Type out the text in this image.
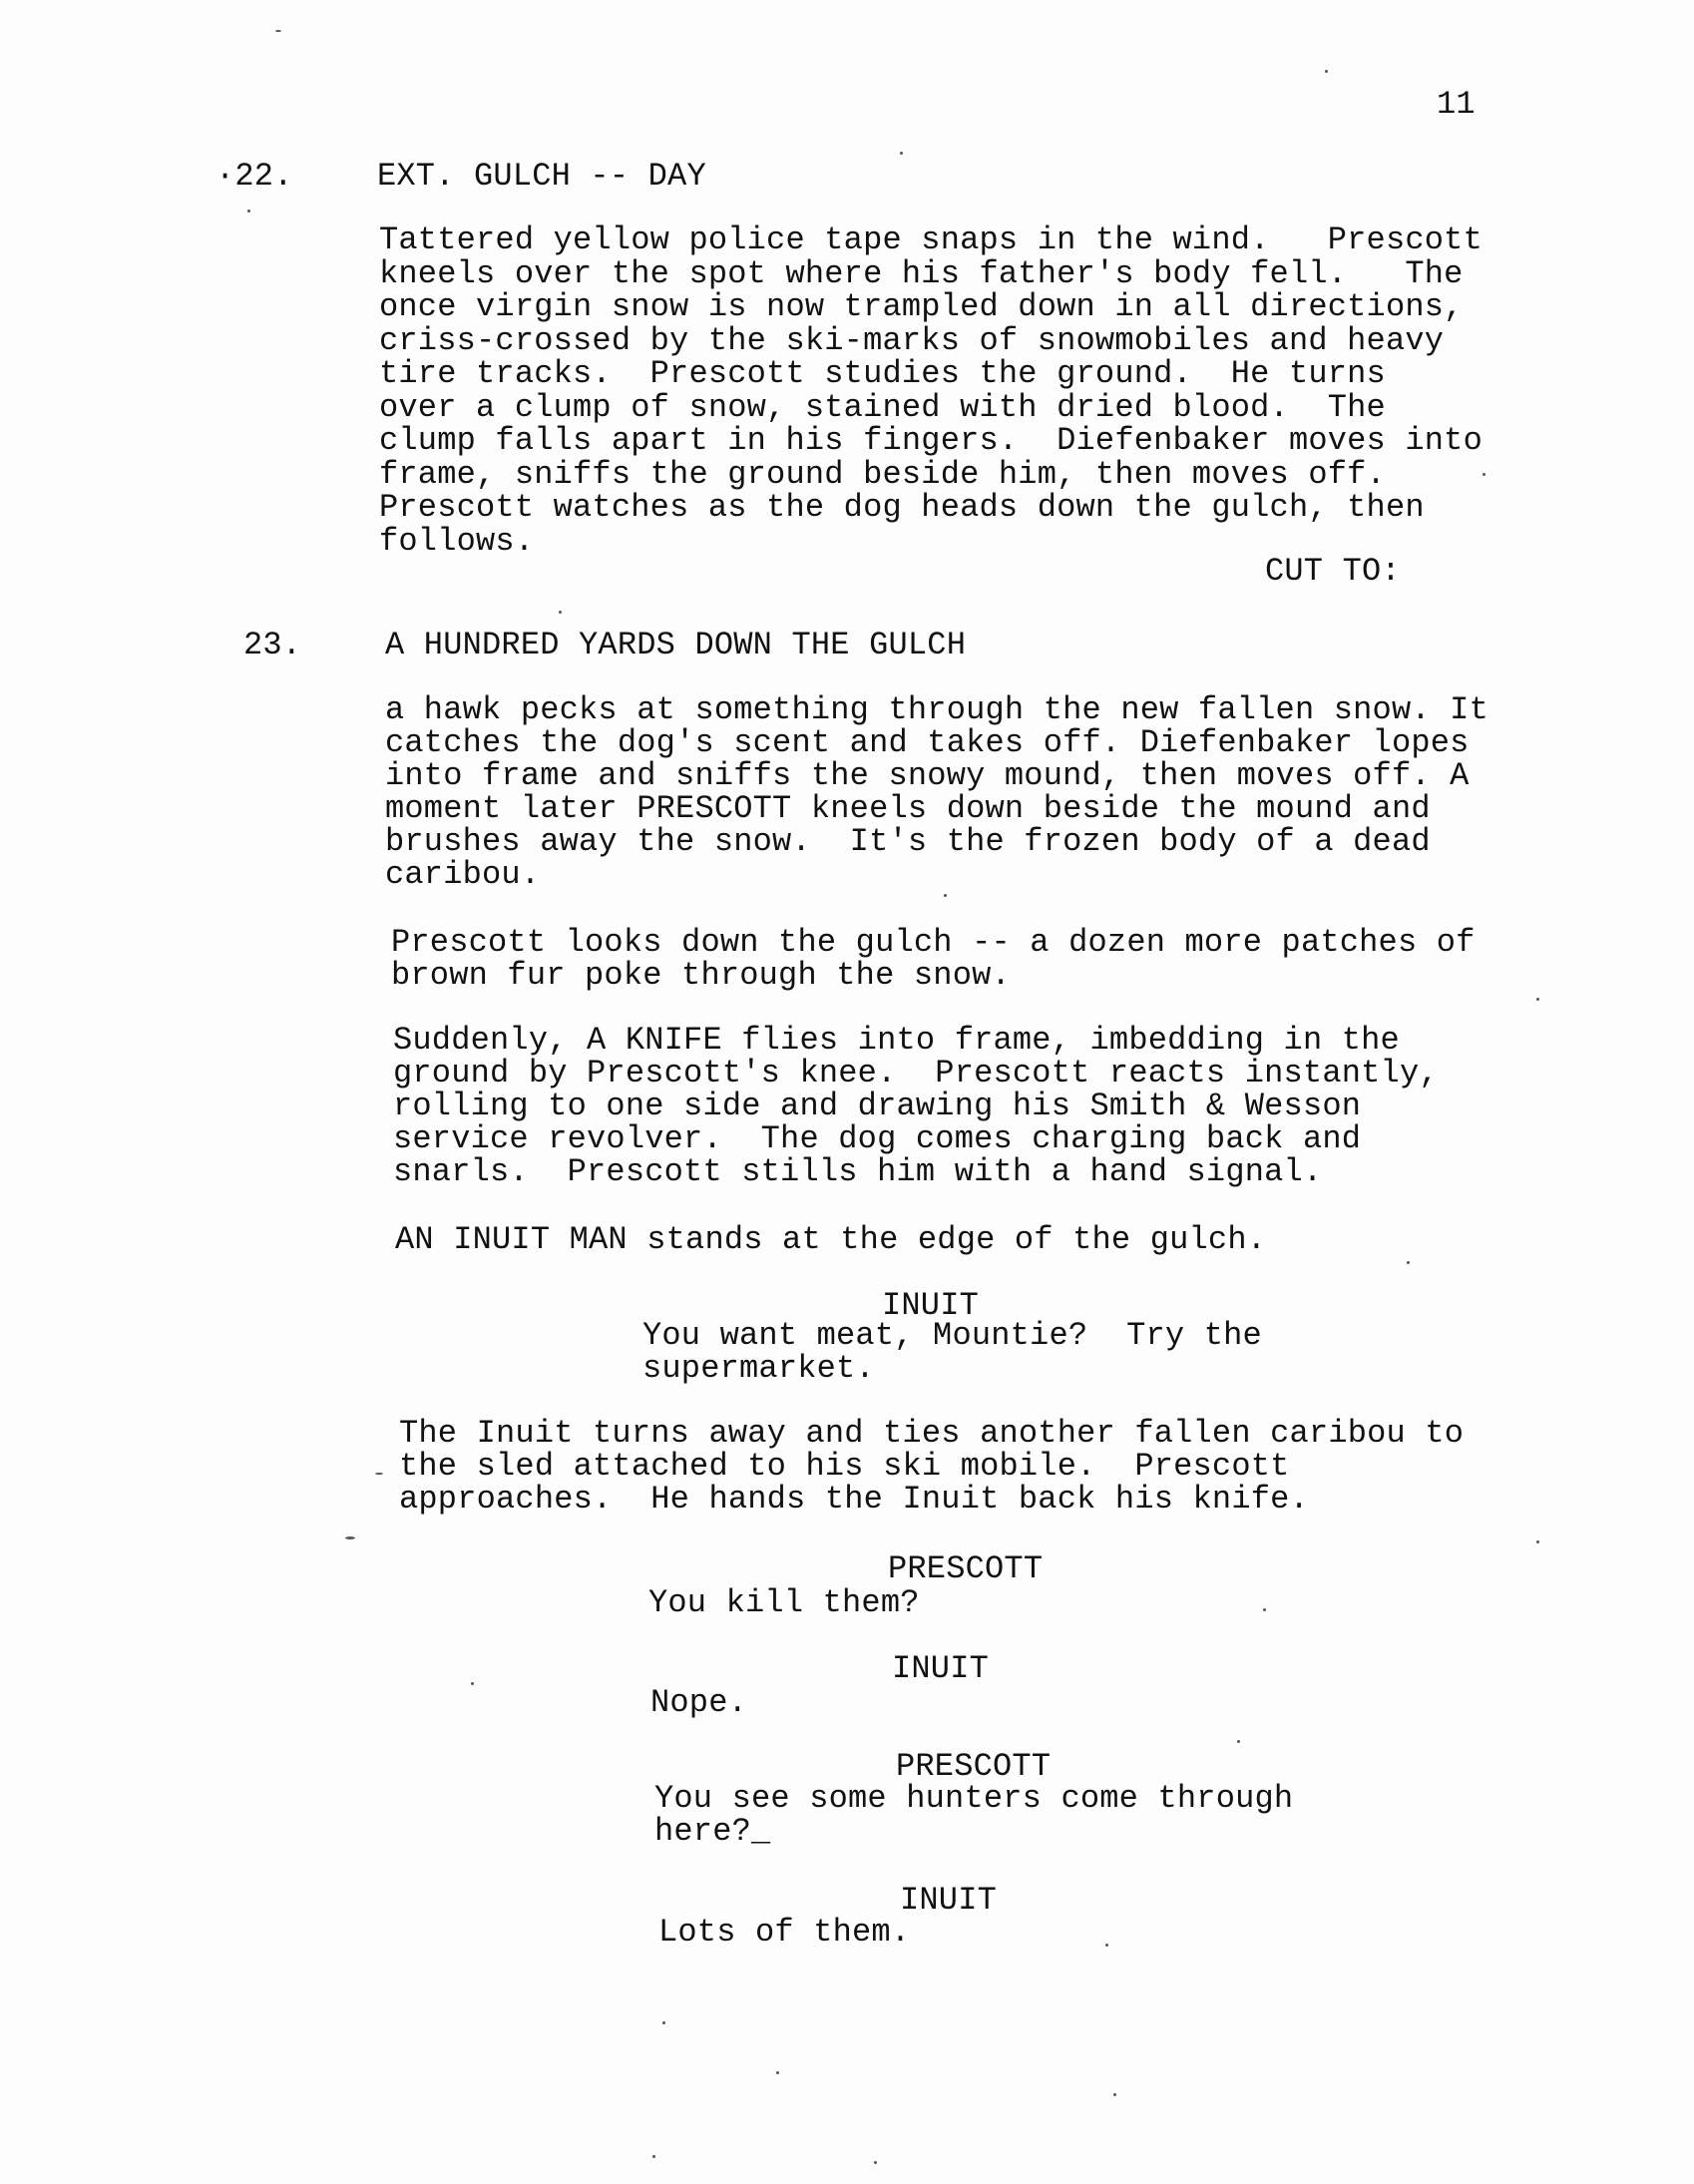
11
·22.	EXT. GULCH -- DAY
Tattered yellow police tape snaps in the wind.   Prescott
kneels over the spot where his father's body fell.   The
once virgin snow is now trampled down in all directions,
criss-crossed by the ski-marks of snowmobiles and heavy
tire tracks.  Prescott studies the ground.  He turns
over a clump of snow, stained with dried blood.  The
clump falls apart in his fingers.  Diefenbaker moves into
frame, sniffs the ground beside him, then moves off.
Prescott watches as the dog heads down the gulch, then
follows.
CUT TO:
23.	A HUNDRED YARDS DOWN THE GULCH
a hawk pecks at something through the new fallen snow. It
catches the dog's scent and takes off. Diefenbaker lopes
into frame and sniffs the snowy mound, then moves off. A
moment later PRESCOTT kneels down beside the mound and
brushes away the snow.  It's the frozen body of a dead
caribou.
Prescott looks down the gulch -- a dozen more patches of
brown fur poke through the snow.
Suddenly, A KNIFE flies into frame, imbedding in the
ground by Prescott's knee.  Prescott reacts instantly,
rolling to one side and drawing his Smith & Wesson
service revolver.  The dog comes charging back and
snarls.  Prescott stills him with a hand signal.
AN INUIT MAN stands at the edge of the gulch.
INUIT
You want meat, Mountie?  Try the
supermarket.
The Inuit turns away and ties another fallen caribou to
the sled attached to his ski mobile.  Prescott
approaches.  He hands the Inuit back his knife.
PRESCOTT
You kill them?
INUIT
Nope.
PRESCOTT
You see some hunters come through
here?_
INUIT
Lots of them.
